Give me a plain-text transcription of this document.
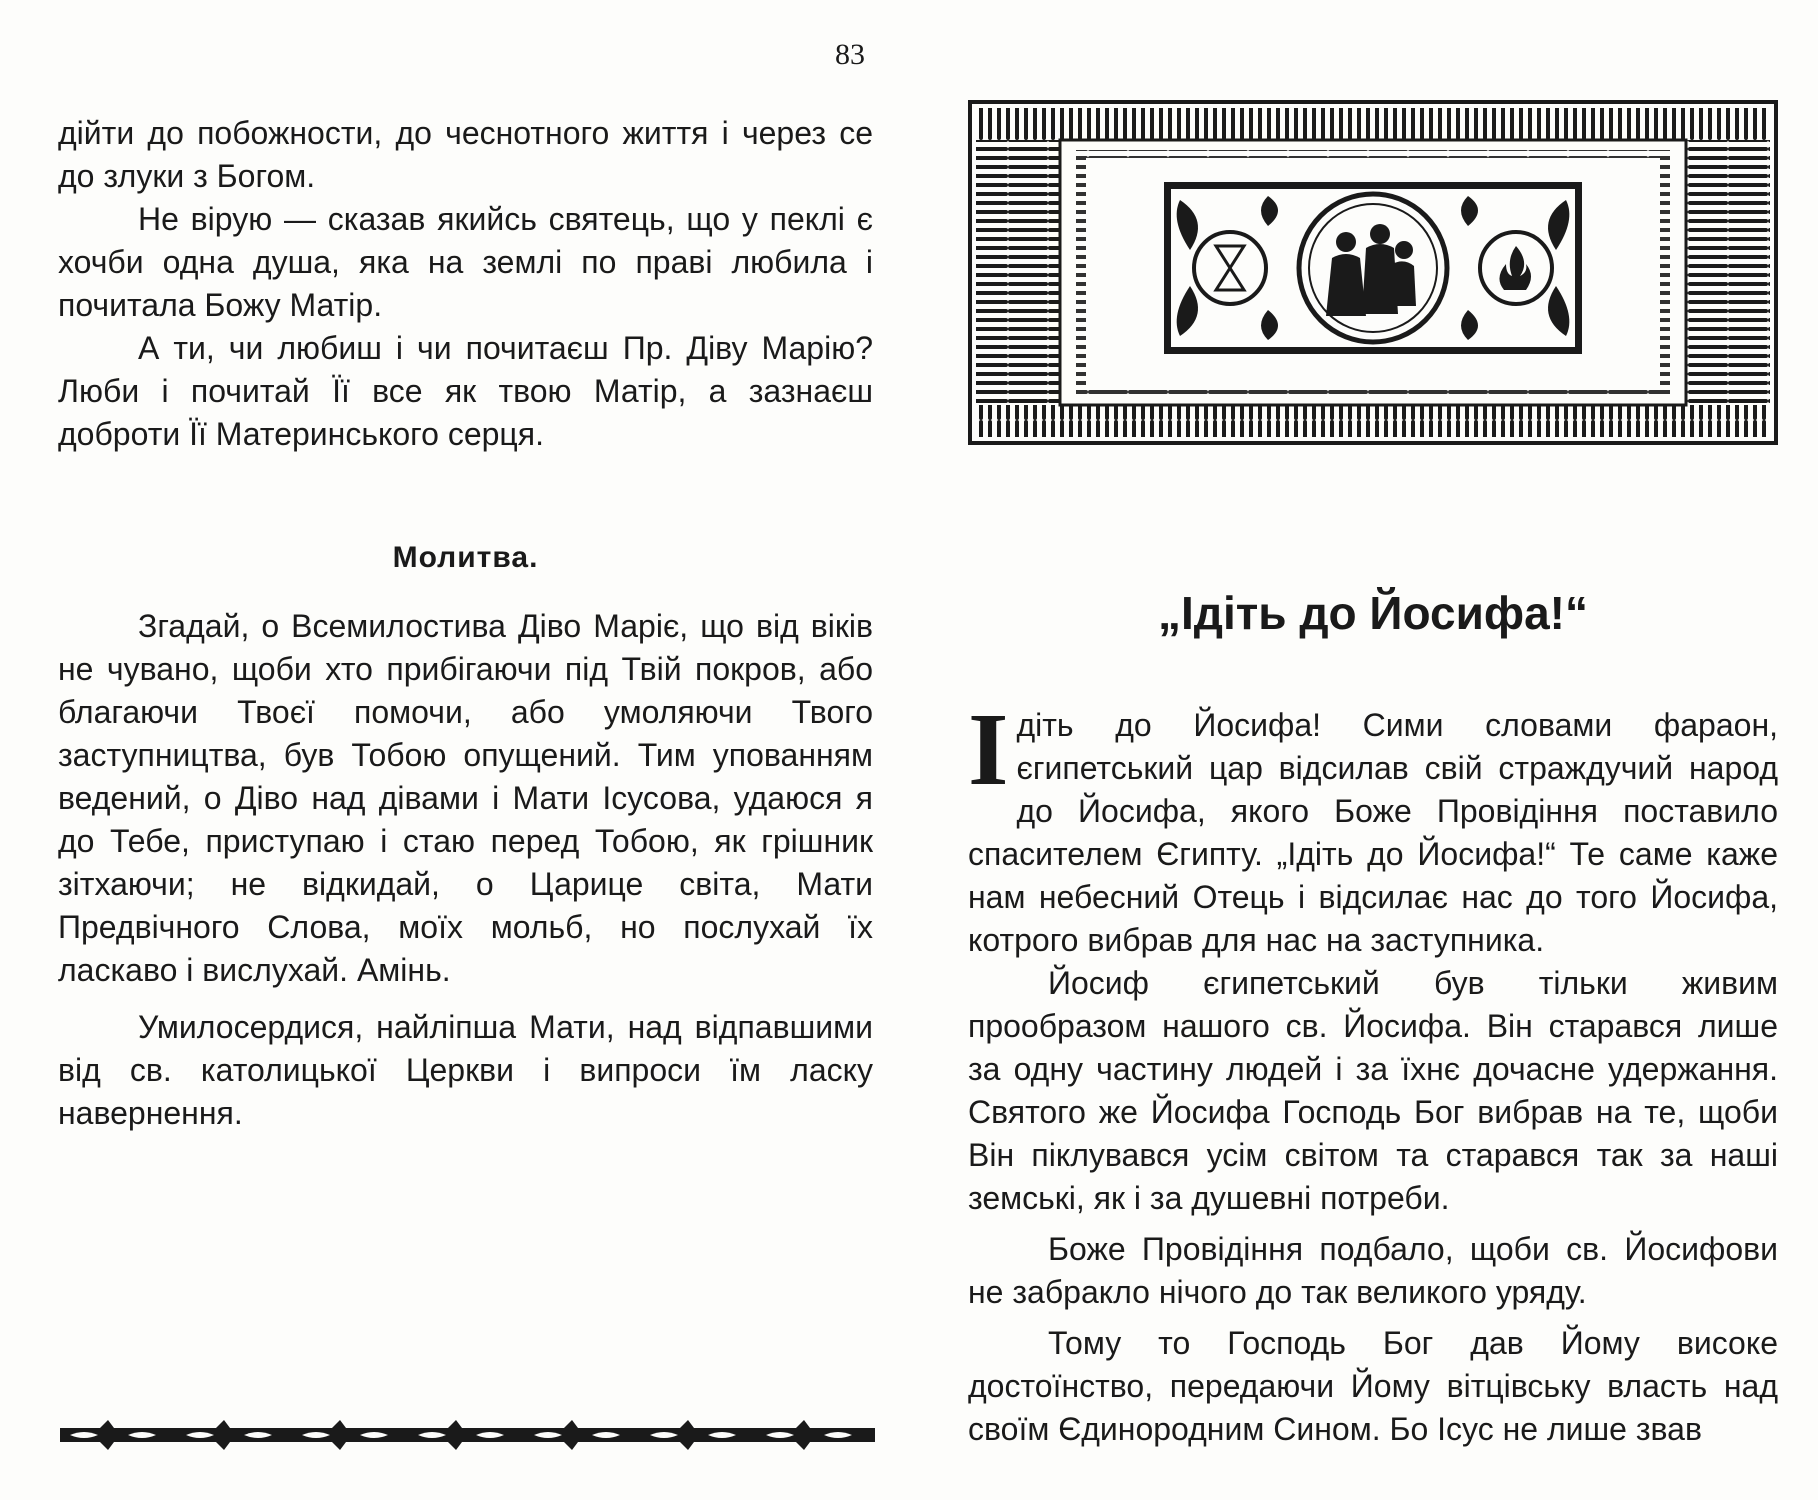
83

дійти до побожности, до чеснотного життя і через се до злуки з Богом.

Не вірую — сказав якийсь святець, що у пеклі є хочби одна душа, яка на землі по праві любила і почитала Божу Матір.

А ти, чи любиш і чи почитаєш Пр. Діву Марію? Люби і почитай Її все як твою Матір, а зазнаєш доброти Її Материнського серця.

Молитва.

Згадай, о Всемилостива Діво Маріє, що від віків не чувано, щоби хто прибігаючи під Твій покров, або благаючи Твоєї помочи, або умоляючи Твого заступництва, був Тобою опущений. Тим упованням ведений, о Діво над дівами і Мати Ісусова, удаюся я до Тебе, приступаю і стаю перед Тобою, як грішник зітхаючи; не відкидай, о Царице світа, Мати Предвічного Слова, моїх мольб, но послухай їх ласкаво і вислухай. Амінь.

Умилосердися, найліпша Мати, над відпавшими від св. католицької Церкви і випроси їм ласку навернення.

„Ідіть до Йосифа!“

Ідіть до Йосифа! Сими словами фараон, єгипетський цар відсилав свій страждучий народ до Йосифа, якого Боже Провідіння поставило спасителем Єгипту. „Ідіть до Йосифа!“ Те саме каже нам небесний Отець і відсилає нас до того Йосифа, котрого вибрав для нас на заступника.

Йосиф єгипетський був тільки живим прообразом нашого св. Йосифа. Він старався лише за одну частину людей і за їхнє дочасне удержання. Святого же Йосифа Господь Бог вибрав на те, щоби Він піклувався усім світом та старався так за наші земські, як і за душевні потреби.

Боже Провідіння подбало, щоби св. Йосифови не забракло нічого до так великого уряду.

Тому то Господь Бог дав Йому високе достоїнство, передаючи Йому вітцівську власть над своїм Єдинородним Сином. Бо Ісус не лише звав
